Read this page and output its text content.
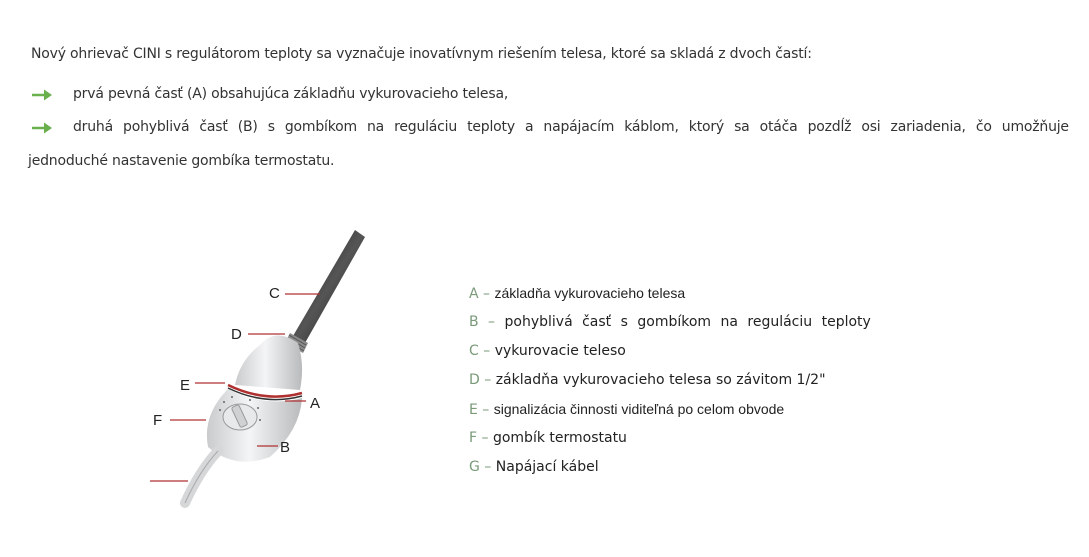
Nový ohrievač CINI s regulátorom teploty sa vyznačuje inovatívnym riešením telesa, ktoré sa skladá z dvoch častí:
prvá pevná časť (A) obsahujúca základňu vykurovacieho telesa,
druhá pohyblivá časť (B) s gombíkom na reguláciu teploty a napájacím káblom, ktorý sa otáča pozdĺž osi zariadenia, čo umožňuje
jednoduché nastavenie gombíka termostatu.
C
D
E
F
A
B
A – základňa vykurovacieho telesa
B – pohyblivá časť s gombíkom na reguláciu teploty
C – vykurovacie teleso
D – základňa vykurovacieho telesa so závitom 1/2"
E – signalizácia činnosti viditeľná po celom obvode
F – gombík termostatu
G – Napájací kábel
